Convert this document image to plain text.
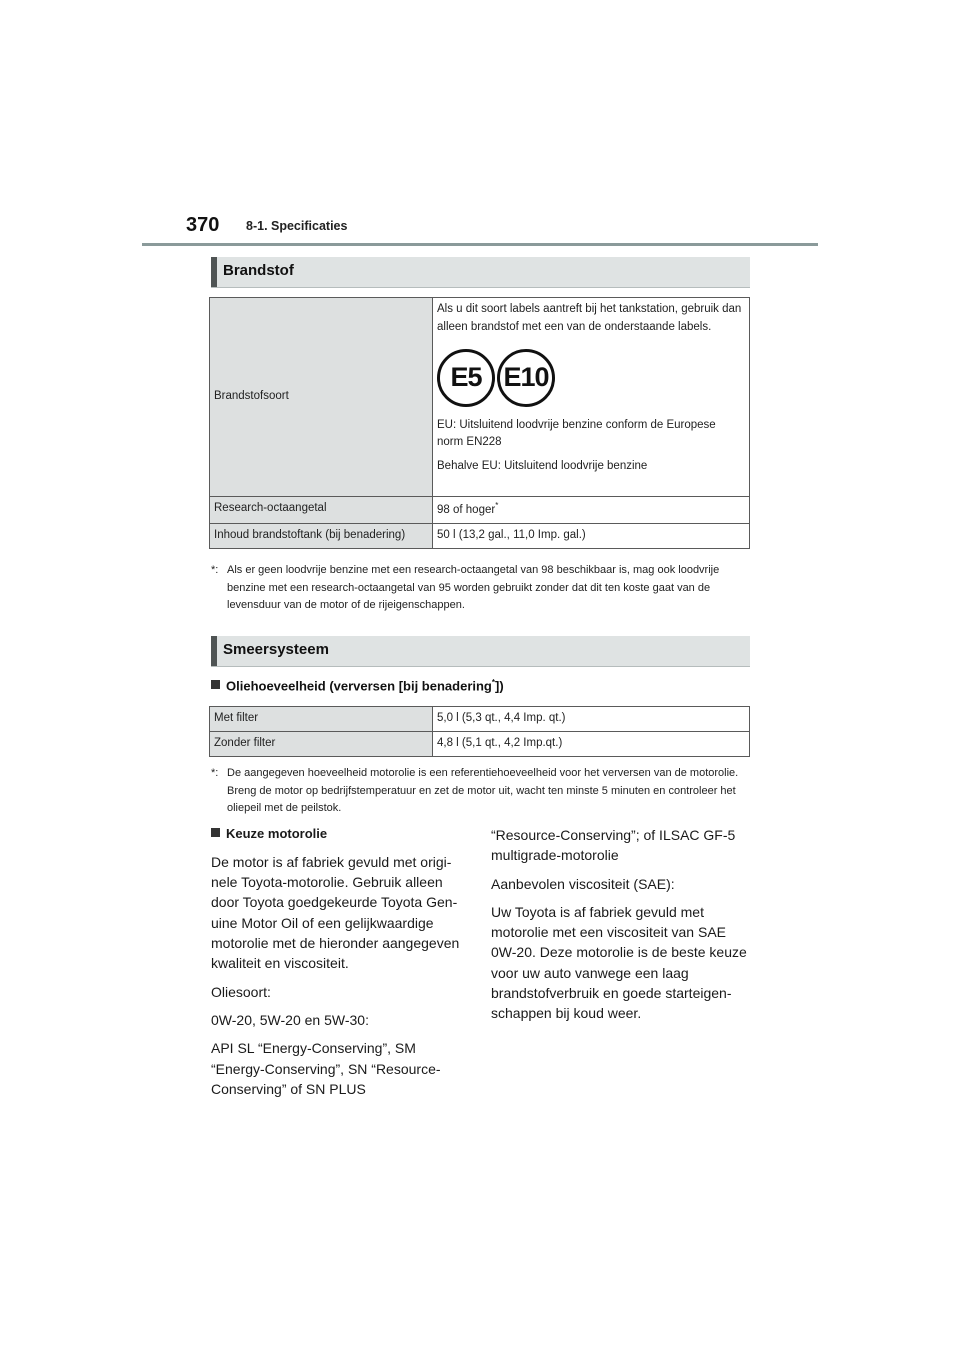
370 8-1. Specificaties
Brandstof
Brandstofsoort	Als u dit soort labels aantreft bij het tankstation, gebruik dan alleen brandstof met een van de onderstaande labels.

E5 E10

EU: Uitsluitend loodvrije benzine conform de Europese norm EN228

Behalve EU: Uitsluitend loodvrije benzine

Research-octaangetal	98 of hoger*
Inhoud brandstoftank (bij benadering)	50 l (13,2 gal., 11,0 Imp. gal.)
*: Als er geen loodvrije benzine met een research-octaangetal van 98 beschikbaar is, mag ook loodvrije benzine met een research-octaangetal van 95 worden gebruikt zonder dat dit ten koste gaat van de levensduur van de motor of de rijeigenschappen.
Smeersysteem
Oliehoeveelheid (verversen [bij benadering*])
Met filter	5,0 l (5,3 qt., 4,4 Imp. qt.)
Zonder filter	4,8 l (5,1 qt., 4,2 Imp.qt.)
*: De aangegeven hoeveelheid motorolie is een referentiehoeveelheid voor het verversen van de motorolie. Breng de motor op bedrijfstemperatuur en zet de motor uit, wacht ten minste 5 minuten en controleer het oliepeil met de peilstok.
Keuze motorolie

De motor is af fabriek gevuld met originele Toyota-motorolie. Gebruik alleen door Toyota goedgekeurde Toyota Genuine Motor Oil of een gelijkwaardige motorolie met de hieronder aangegeven kwaliteit en viscositeit.

Oliesoort:

0W-20, 5W-20 en 5W-30:

API SL “Energy-Conserving”, SM “Energy-Conserving”, SN “Resource-Conserving” of SN PLUS

“Resource-Conserving”; of ILSAC GF-5 multigrade-motorolie

Aanbevolen viscositeit (SAE):

Uw Toyota is af fabriek gevuld met motorolie met een viscositeit van SAE 0W-20. Deze motorolie is de beste keuze voor uw auto vanwege een laag brandstofverbruik en goede starteigenschappen bij koud weer.
